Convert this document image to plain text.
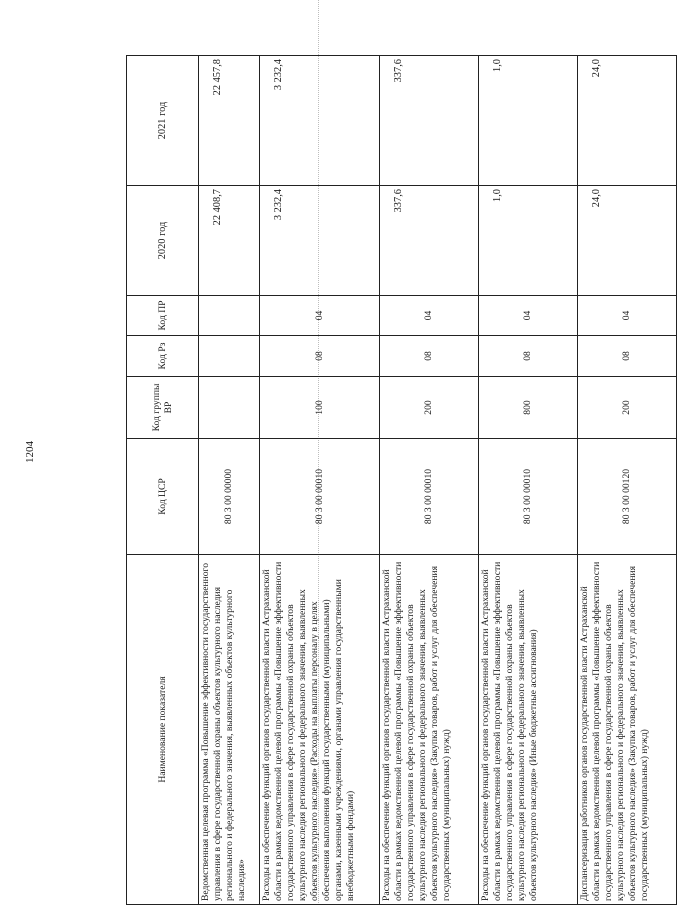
1204
Наименование показателя	Код ЦСР	Код группы ВР	Код Рз	Код ПР	2020 год	2021 год
Ведомственная целевая программа «Повышение эффективности государственного управления в сфере государственной охраны объектов культурного наследия регионального и федерального значения, выявленных объектов культурного наследия»	80 3 00 00000				22 408,7	22 457,8
Расходы на обеспечение функций органов государственной власти Астраханской области в рамках ведомственной целевой программы «Повышение эффективности государственного управления в сфере государственной охраны объектов культурного наследия регионального и федерального значения, выявленных объектов культурного наследия» (Расходы на выплаты персоналу в целях обеспечения выполнения функций государственными (муниципальными) органами, казенными учреждениями, органами управления государственными внебюджетными фондами)	80 3 00 00010	100	08	04	3 232,4	3 232,4
Расходы на обеспечение функций органов государственной власти Астраханской области в рамках ведомственной целевой программы «Повышение эффективности государственного управления в сфере государственной охраны объектов культурного наследия регионального и федерального значения, выявленных объектов культурного наследия» (Закупка товаров, работ и услуг для обеспечения государственных (муниципальных) нужд)	80 3 00 00010	200	08	04	337,6	337,6
Расходы на обеспечение функций органов государственной власти Астраханской области в рамках ведомственной целевой программы «Повышение эффективности государственного управления в сфере государственной охраны объектов культурного наследия регионального и федерального значения, выявленных объектов культурного наследия» (Иные бюджетные ассигнования)	80 3 00 00010	800	08	04	1,0	1,0
Диспансеризация работников органов государственной власти Астраханской области в рамках ведомственной целевой программы «Повышение эффективности государственного управления в сфере государственной охраны объектов культурного наследия регионального и федерального значения, выявленных объектов культурного наследия» (Закупка товаров, работ и услуг для обеспечения государственных (муниципальных) нужд)	80 3 00 00120	200	08	04	24,0	24,0
